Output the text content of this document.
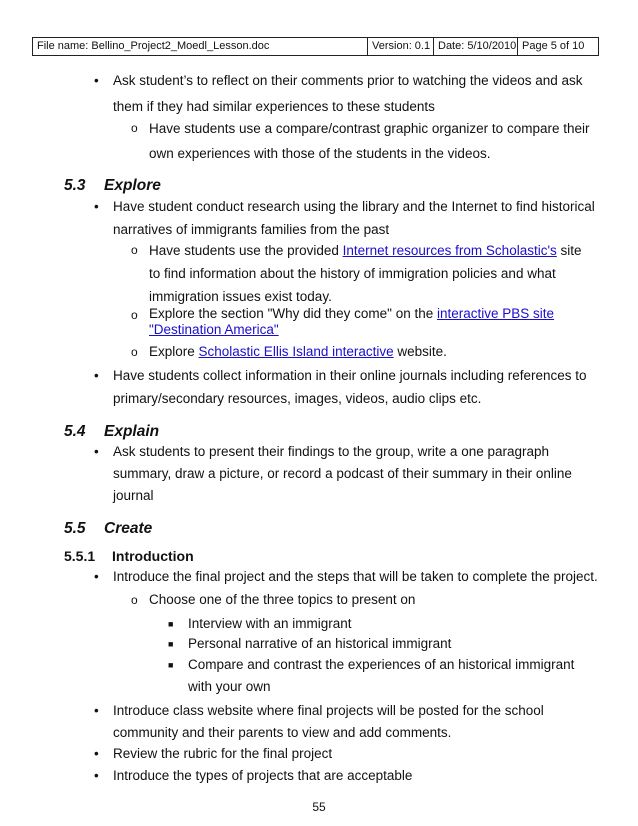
File name: Bellino_Project2_Moedl_Lesson.doc	Version: 0.1	Date: 5/10/2010	Page 5 of 10
• Ask student’s to reflect on their comments prior to watching the videos and ask
them if they had similar experiences to these students
o Have students use a compare/contrast graphic organizer to compare their
own experiences with those of the students in the videos.
5.3 Explore
• Have student conduct research using the library and the Internet to find historical
narratives of immigrants families from the past
o Have students use the provided Internet resources from Scholastic's site
to find information about the history of immigration policies and what
immigration issues exist today.
o Explore the section "Why did they come" on the interactive PBS site
"Destination America"
o Explore Scholastic Ellis Island interactive website.
• Have students collect information in their online journals including references to
primary/secondary resources, images, videos, audio clips etc.
5.4 Explain
• Ask students to present their findings to the group, write a one paragraph
summary, draw a picture, or record a podcast of their summary in their online
journal
5.5 Create
5.5.1 Introduction
• Introduce the final project and the steps that will be taken to complete the project.
o Choose one of the three topics to present on
■ Interview with an immigrant
■ Personal narrative of an historical immigrant
■ Compare and contrast the experiences of an historical immigrant
with your own
• Introduce class website where final projects will be posted for the school
community and their parents to view and add comments.
• Review the rubric for the final project
• Introduce the types of projects that are acceptable
55
